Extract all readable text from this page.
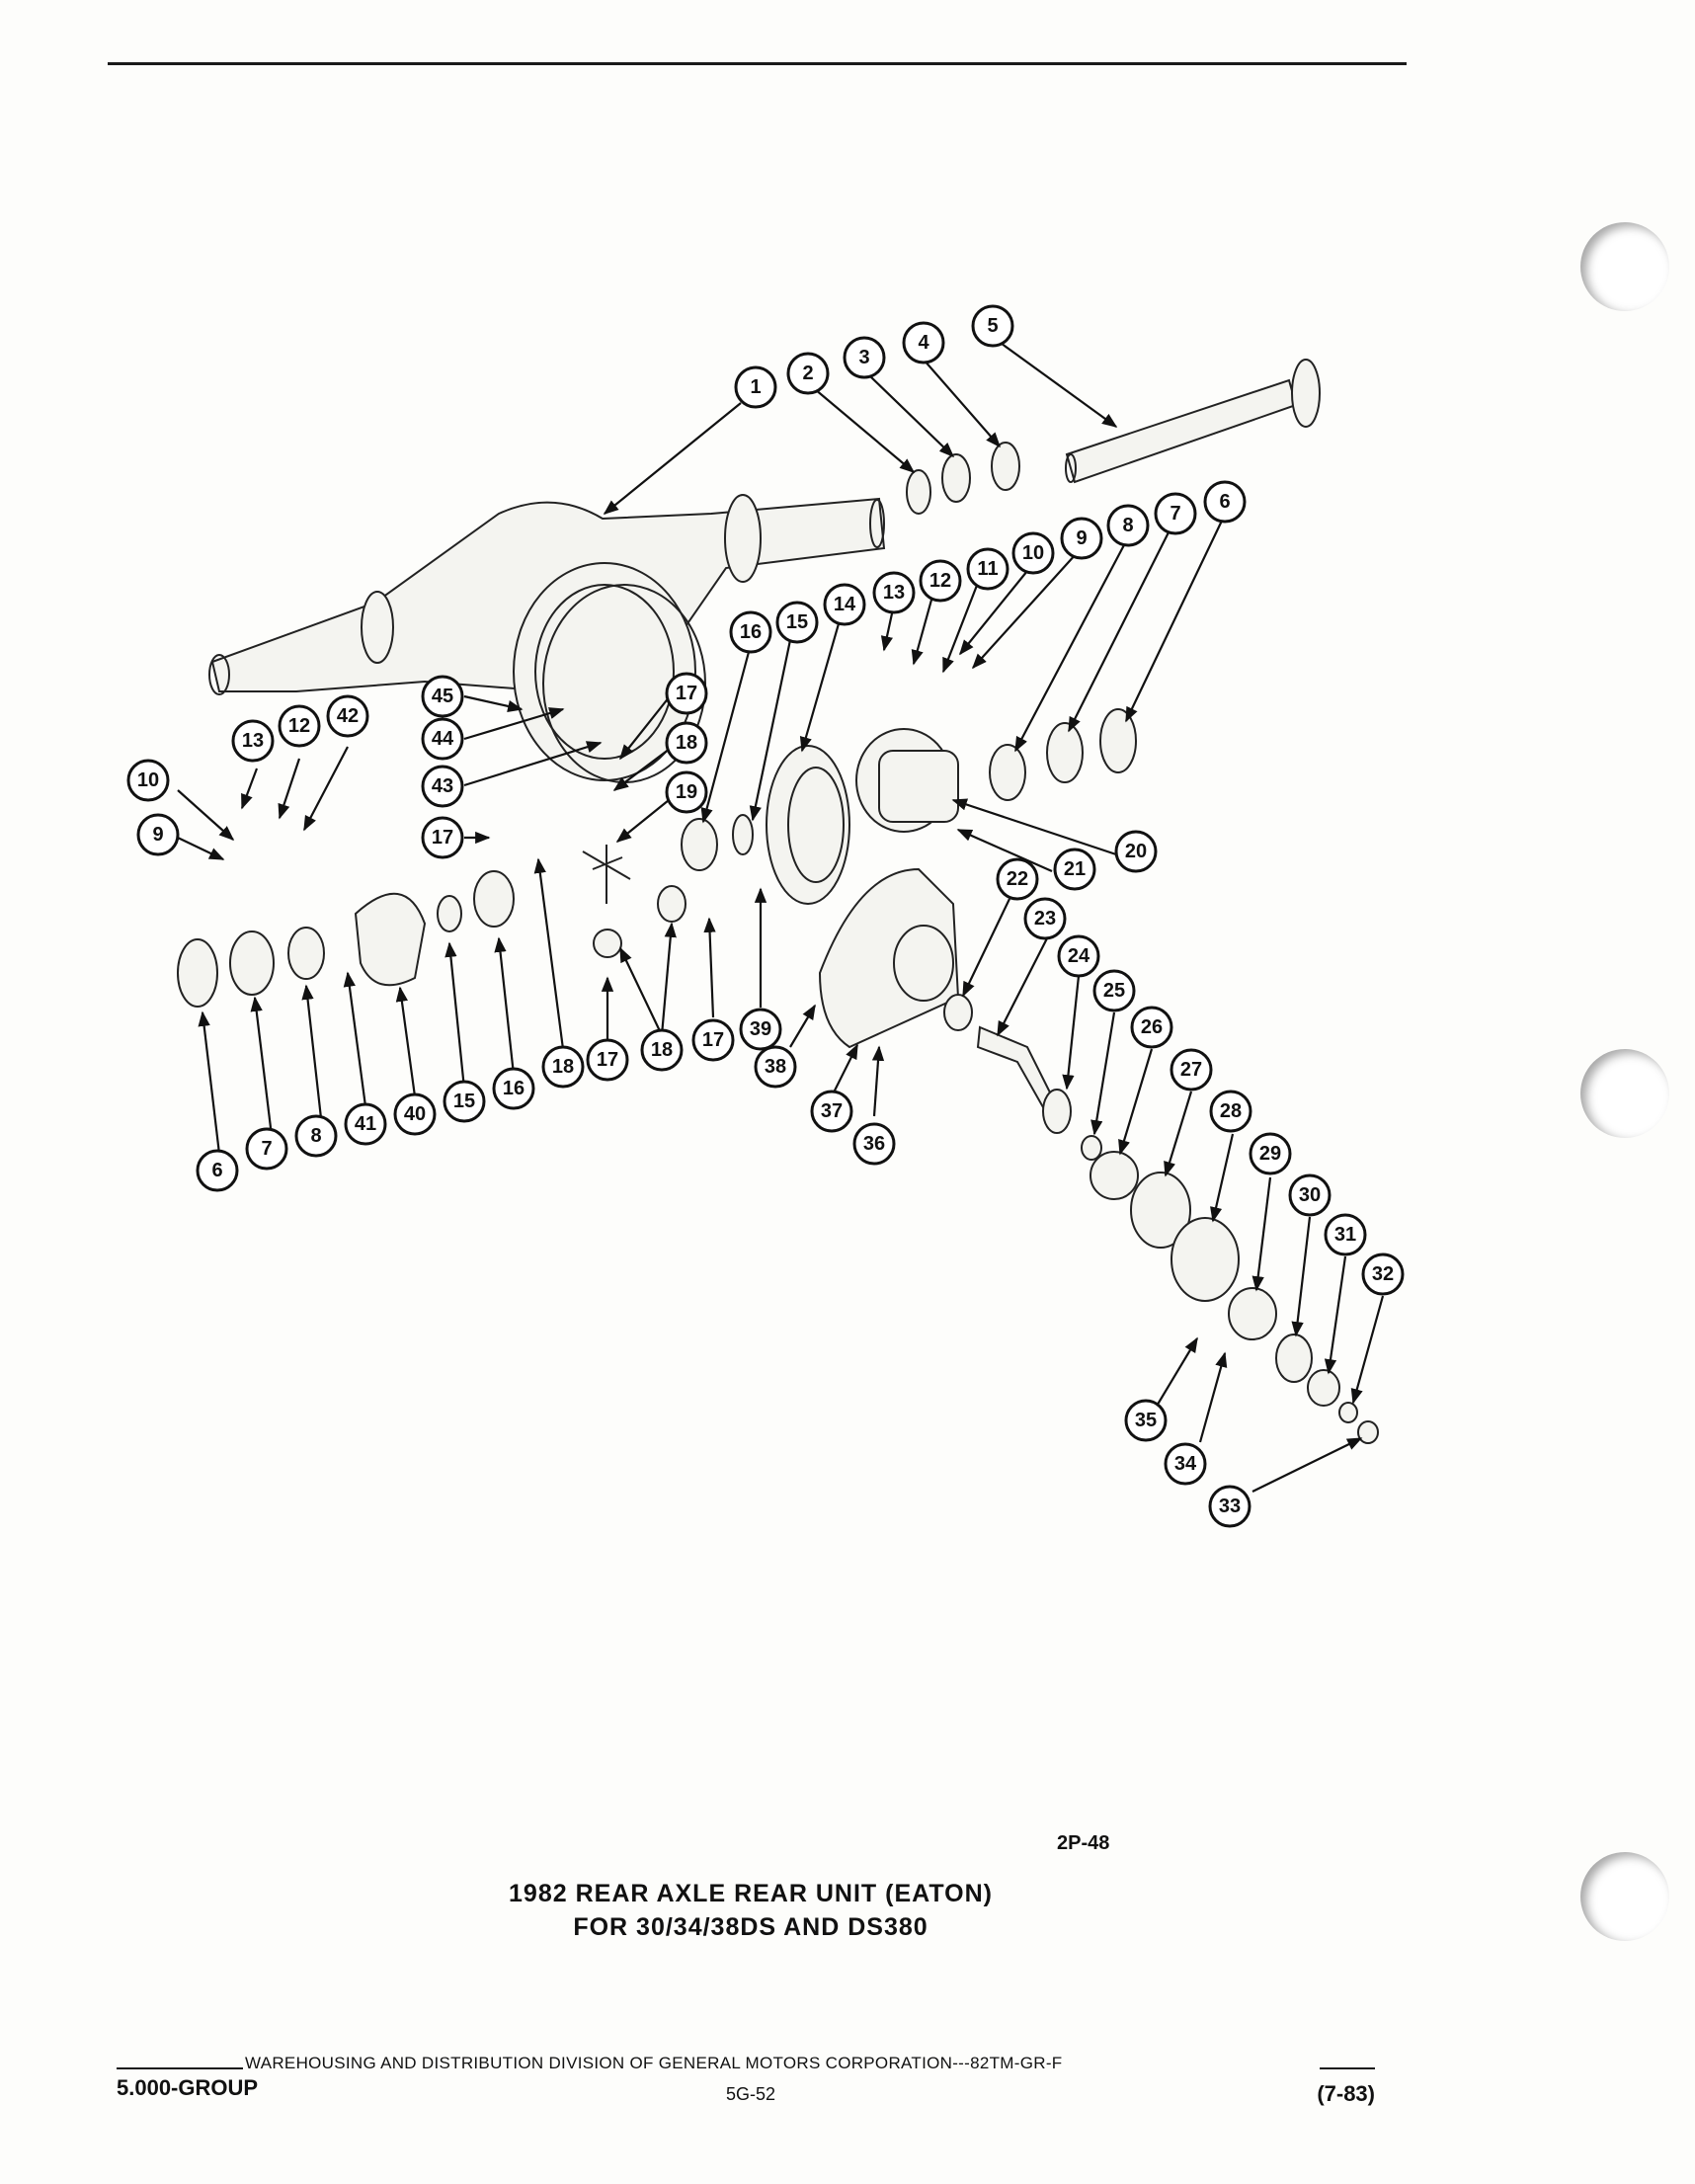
1
2
3
4
5
6
7
8
9
10
11
12
13
14
15
16
45
44
43
17
18
19
17
13
12 42
10
9
20
21
22
23
24
25
26
27
28
29
30
31
32
33
34
35
36
37
38
39
17
18
17
18
16
15
40
41
8
7
6
2P-48
1982 REAR AXLE REAR UNIT (EATON)
FOR 30/34/38DS AND DS380
WAREHOUSING AND DISTRIBUTION DIVISION OF GENERAL MOTORS CORPORATION---82TM-GR-F
5.000-GROUP	5G-52	(7-83)
